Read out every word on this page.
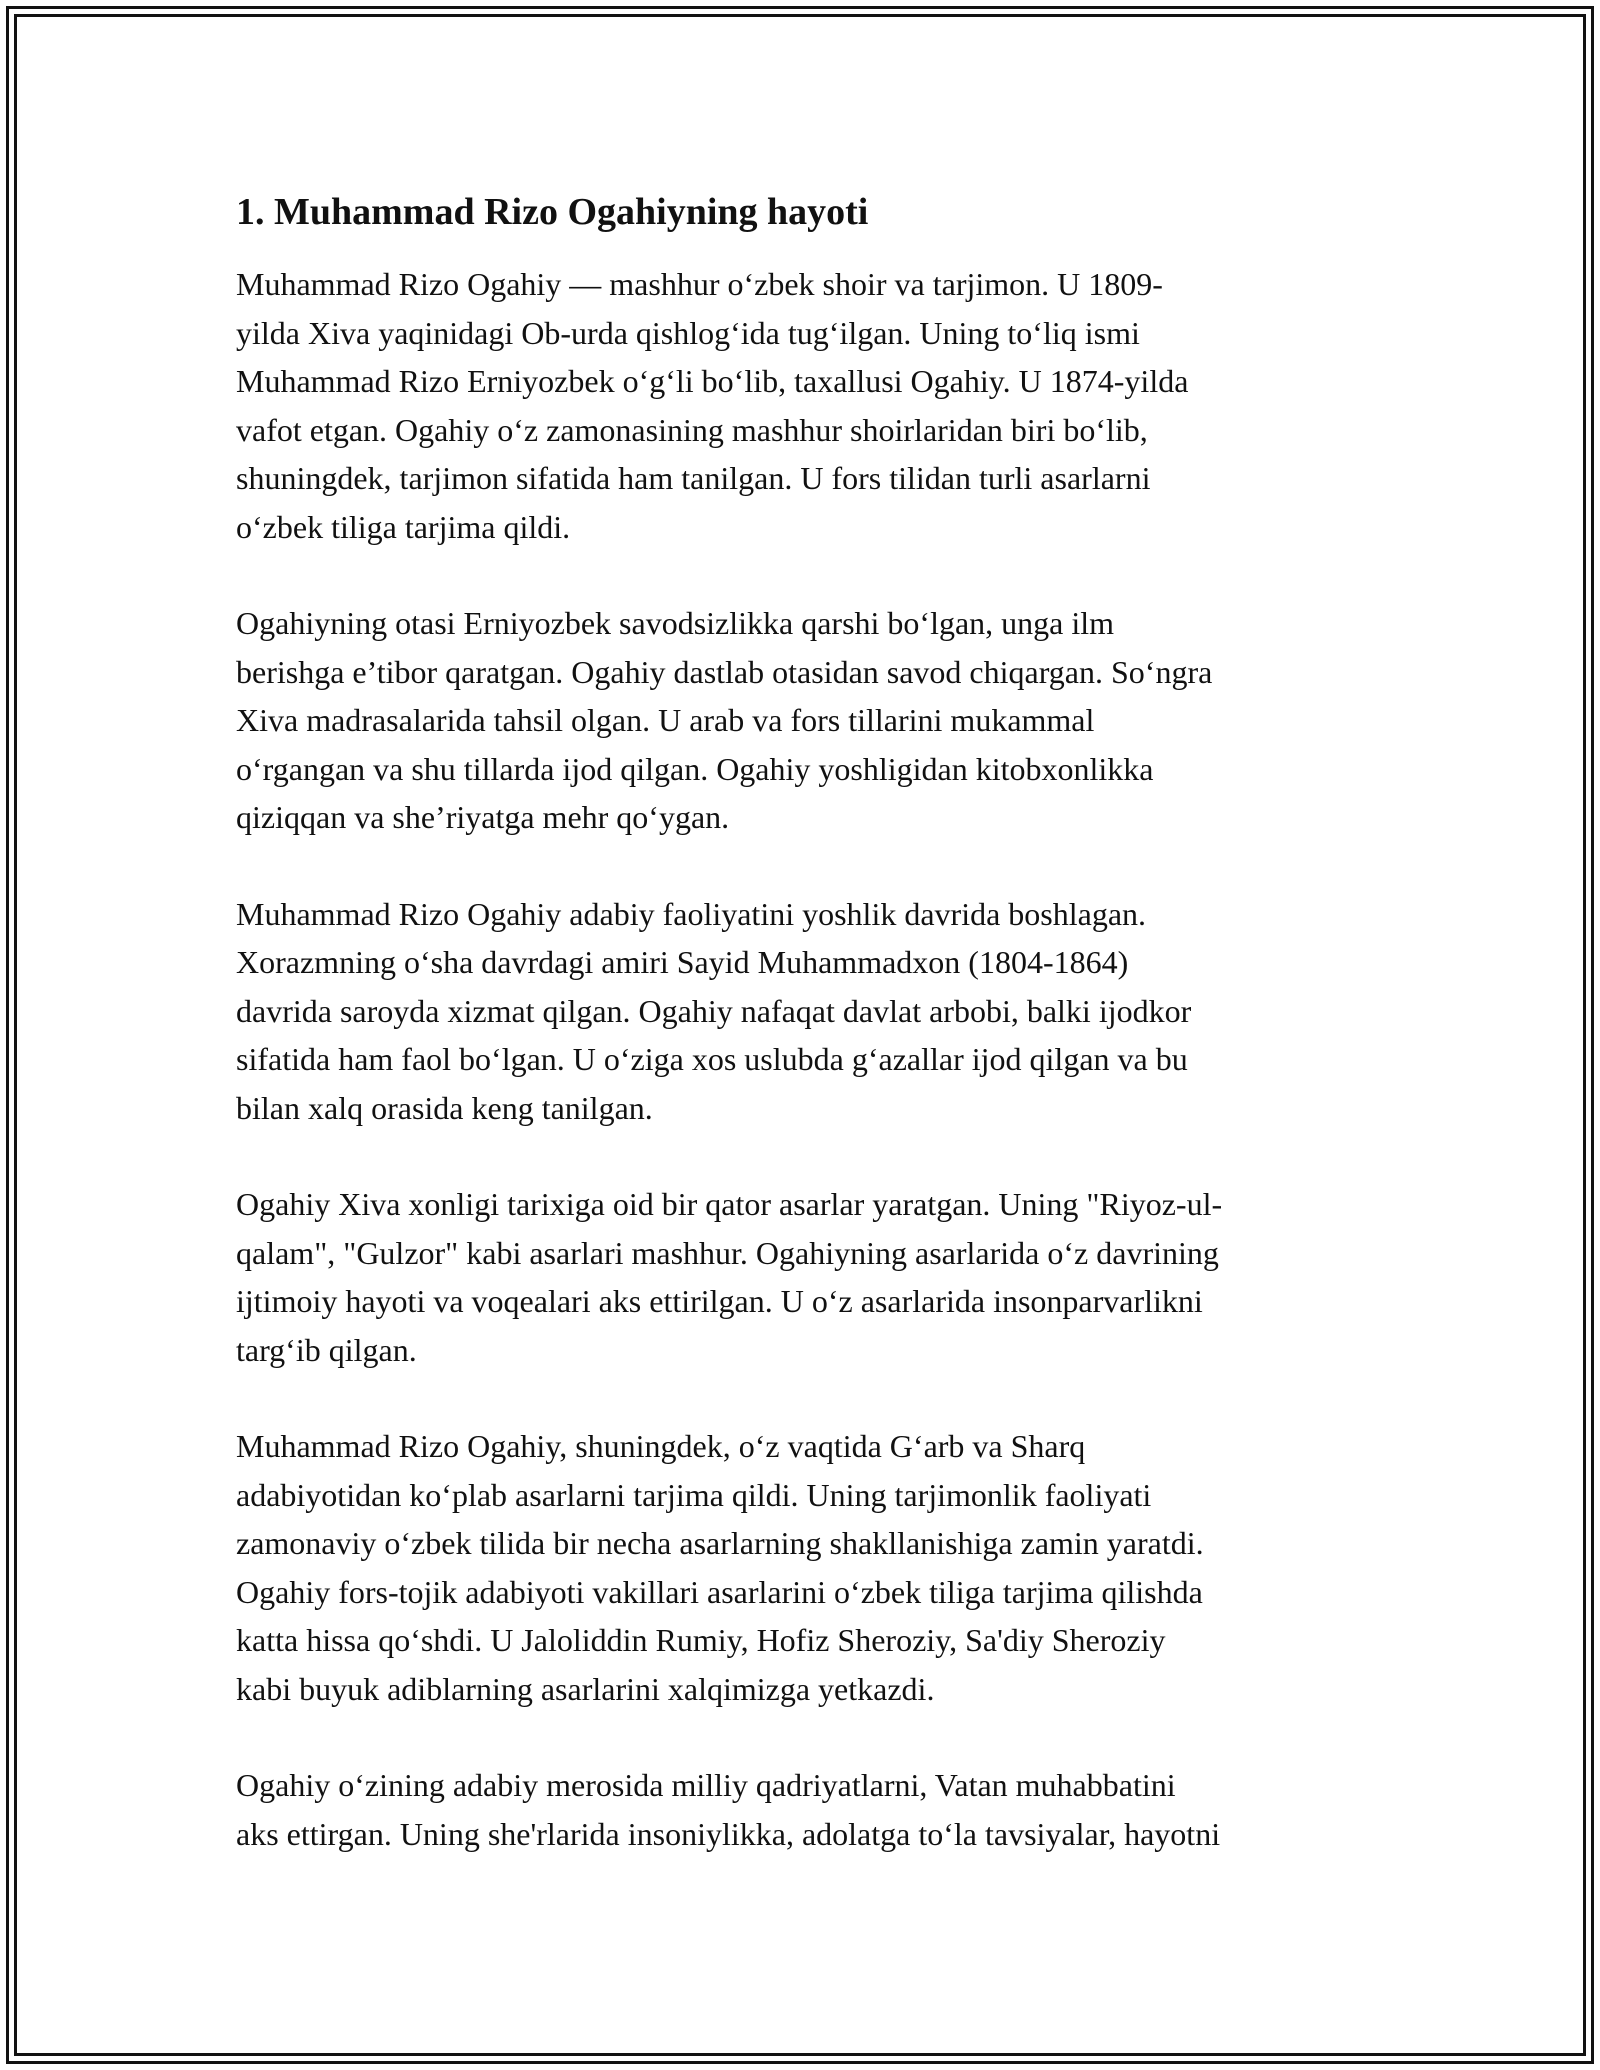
1. Muhammad Rizo Ogahiyning hayoti
Muhammad Rizo Ogahiy — mashhur o‘zbek shoir va tarjimon. U 1809-
yilda Xiva yaqinidagi Ob-urda qishlog‘ida tug‘ilgan. Uning to‘liq ismi
Muhammad Rizo Erniyozbek o‘g‘li bo‘lib, taxallusi Ogahiy. U 1874-yilda
vafot etgan. Ogahiy o‘z zamonasining mashhur shoirlaridan biri bo‘lib,
shuningdek, tarjimon sifatida ham tanilgan. U fors tilidan turli asarlarni
o‘zbek tiliga tarjima qildi.
Ogahiyning otasi Erniyozbek savodsizlikka qarshi bo‘lgan, unga ilm
berishga e’tibor qaratgan. Ogahiy dastlab otasidan savod chiqargan. So‘ngra
Xiva madrasalarida tahsil olgan. U arab va fors tillarini mukammal
o‘rgangan va shu tillarda ijod qilgan. Ogahiy yoshligidan kitobxonlikka
qiziqqan va she’riyatga mehr qo‘ygan.
Muhammad Rizo Ogahiy adabiy faoliyatini yoshlik davrida boshlagan.
Xorazmning o‘sha davrdagi amiri Sayid Muhammadxon (1804-1864)
davrida saroyda xizmat qilgan. Ogahiy nafaqat davlat arbobi, balki ijodkor
sifatida ham faol bo‘lgan. U o‘ziga xos uslubda g‘azallar ijod qilgan va bu
bilan xalq orasida keng tanilgan.
Ogahiy Xiva xonligi tarixiga oid bir qator asarlar yaratgan. Uning "Riyoz-ul-
qalam", "Gulzor" kabi asarlari mashhur. Ogahiyning asarlarida o‘z davrining
ijtimoiy hayoti va voqealari aks ettirilgan. U o‘z asarlarida insonparvarlikni
targ‘ib qilgan.
Muhammad Rizo Ogahiy, shuningdek, o‘z vaqtida G‘arb va Sharq
adabiyotidan ko‘plab asarlarni tarjima qildi. Uning tarjimonlik faoliyati
zamonaviy o‘zbek tilida bir necha asarlarning shakllanishiga zamin yaratdi.
Ogahiy fors-tojik adabiyoti vakillari asarlarini o‘zbek tiliga tarjima qilishda
katta hissa qo‘shdi. U Jaloliddin Rumiy, Hofiz Sheroziy, Sa'diy Sheroziy
kabi buyuk adiblarning asarlarini xalqimizga yetkazdi.
Ogahiy o‘zining adabiy merosida milliy qadriyatlarni, Vatan muhabbatini
aks ettirgan. Uning she'rlarida insoniylikka, adolatga to‘la tavsiyalar, hayotni
